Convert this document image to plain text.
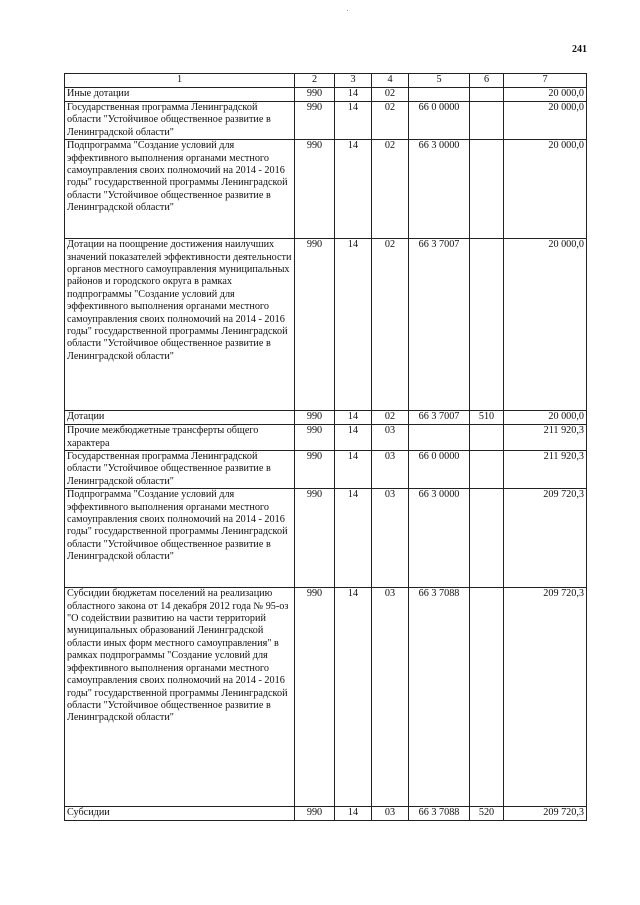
241
1	2	3	4	5	6	7
Иные дотации	990	14	02			20 000,0
Государственная программа Ленинградской области "Устойчивое общественное развитие в Ленинградской области"	990	14	02	66 0 0000		20 000,0
Подпрограмма "Создание условий для эффективного выполнения органами местного самоуправления своих полномочий на 2014 - 2016 годы" государственной программы Ленинградской области "Устойчивое общественное развитие в Ленинградской области"	990	14	02	66 3 0000		20 000,0
Дотации на поощрение достижения наилучших значений показателей эффективности деятельности органов местного самоуправления муниципальных районов и городского округа в рамках подпрограммы "Создание условий для эффективного выполнения органами местного самоуправления своих полномочий на 2014 - 2016 годы" государственной программы Ленинградской области "Устойчивое общественное развитие в Ленинградской области"	990	14	02	66 3 7007		20 000,0
Дотации	990	14	02	66 3 7007	510	20 000,0
Прочие межбюджетные трансферты общего характера	990	14	03			211 920,3
Государственная программа Ленинградской области "Устойчивое общественное развитие в Ленинградской области"	990	14	03	66 0 0000		211 920,3
Подпрограмма "Создание условий для эффективного выполнения органами местного самоуправления своих полномочий на 2014 - 2016 годы" государственной программы Ленинградской области "Устойчивое общественное развитие в Ленинградской области"	990	14	03	66 3 0000		209 720,3
Субсидии бюджетам поселений на реализацию областного закона от 14 декабря 2012 года № 95-оз "О содействии развитию на части территорий муниципальных образований Ленинградской области иных форм местного самоуправления" в рамках подпрограммы "Создание условий для эффективного выполнения органами местного самоуправления своих полномочий на 2014 - 2016 годы" государственной программы Ленинградской области "Устойчивое общественное развитие в Ленинградской области"	990	14	03	66 3 7088		209 720,3
Субсидии	990	14	03	66 3 7088	520	209 720,3
